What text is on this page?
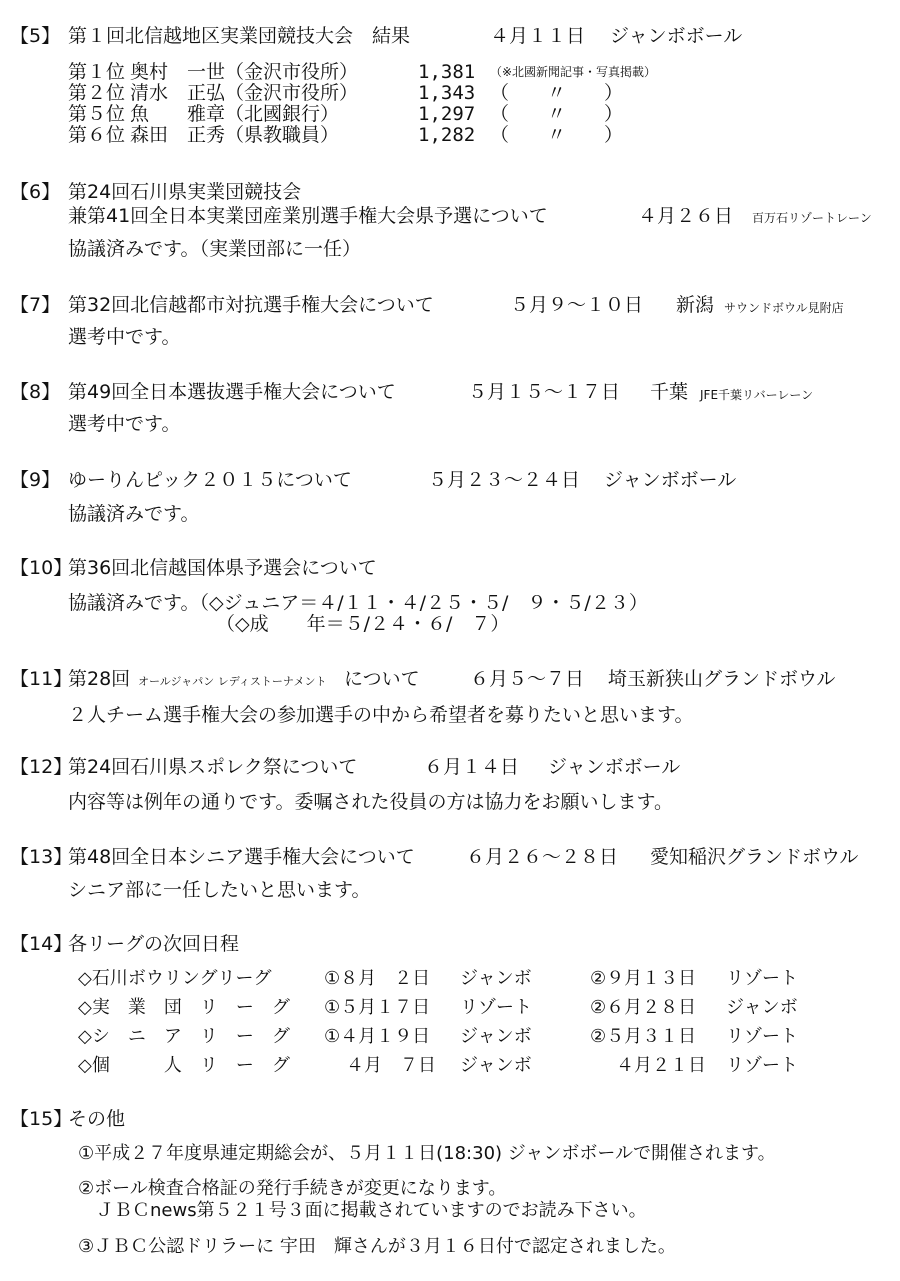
【5】 第１回北信越地区実業団競技大会　結果	４月１１日 ジャンボボール
第１位 奥村　一世（金沢市役所）	1,381 （※北國新聞記事・写真掲載）
第２位 清水　正弘（金沢市役所）	1,343 （　　〃　　）
第５位 魚　　雅章（北國銀行）	1,297 （　　〃　　）
第６位 森田　正秀（県教職員）	1,282 （　　〃　　）
【6】 第24回石川県実業団競技会
兼第41回全日本実業団産業別選手権大会県予選について	４月２６日 百万石リゾートレーン
協議済みです。（実業団部に一任）
【7】 第32回北信越都市対抗選手権大会について	５月９～１０日 新潟 サウンドボウル見附店
選考中です。
【8】 第49回全日本選抜選手権大会について	５月１５～１７日 千葉 JFE千葉リバーレーン
選考中です。
【9】 ゆーりんピック２０１５について	５月２３～２４日 ジャンボボール
協議済みです。
【10】
第36回北信越国体県予選会について
協議済みです。（◇ジュニア＝４/１１・４/２５・５/　９・５/２３）
（◇成　　年＝５/２４・６/　７）
【11】
第28回 オールジャパン レディストーナメント について	６月５～７日 埼玉新狭山グランドボウル
２人チーム選手権大会の参加選手の中から希望者を募りたいと思います。
【12】
第24回石川県スポレク祭について	６月１４日 ジャンボボール
内容等は例年の通りです。委嘱された役員の方は協力をお願いします。
【13】
第48回全日本シニア選手権大会について	６月２６～２８日 愛知稲沢グランドボウル
シニア部に一任したいと思います。
【14】
各リーグの次回日程
◇石川ボウリングリーグ	①８月　２日 ジャンボ	②９月１３日 リゾート
◇実　業　団　リ　ー　グ ①５月１７日 リゾート	②６月２８日 ジャンボ
◇シ　ニ　ア　リ　ー　グ ①４月１９日 ジャンボ	②５月３１日 リゾート
◇個　　　人　リ　ー　グ	４月　７日 ジャンボ	４月２１日 リゾート
【15】
その他
①平成２７年度県連定期総会が、５月１１日(18:30) ジャンボボールで開催されます。
②ボール検査合格証の発行手続きが変更になります。
ＪＢＣnews第５２１号３面に掲載されていますのでお読み下さい。
③ＪＢＣ公認ドリラーに 宇田　輝さんが３月１６日付で認定されました。
